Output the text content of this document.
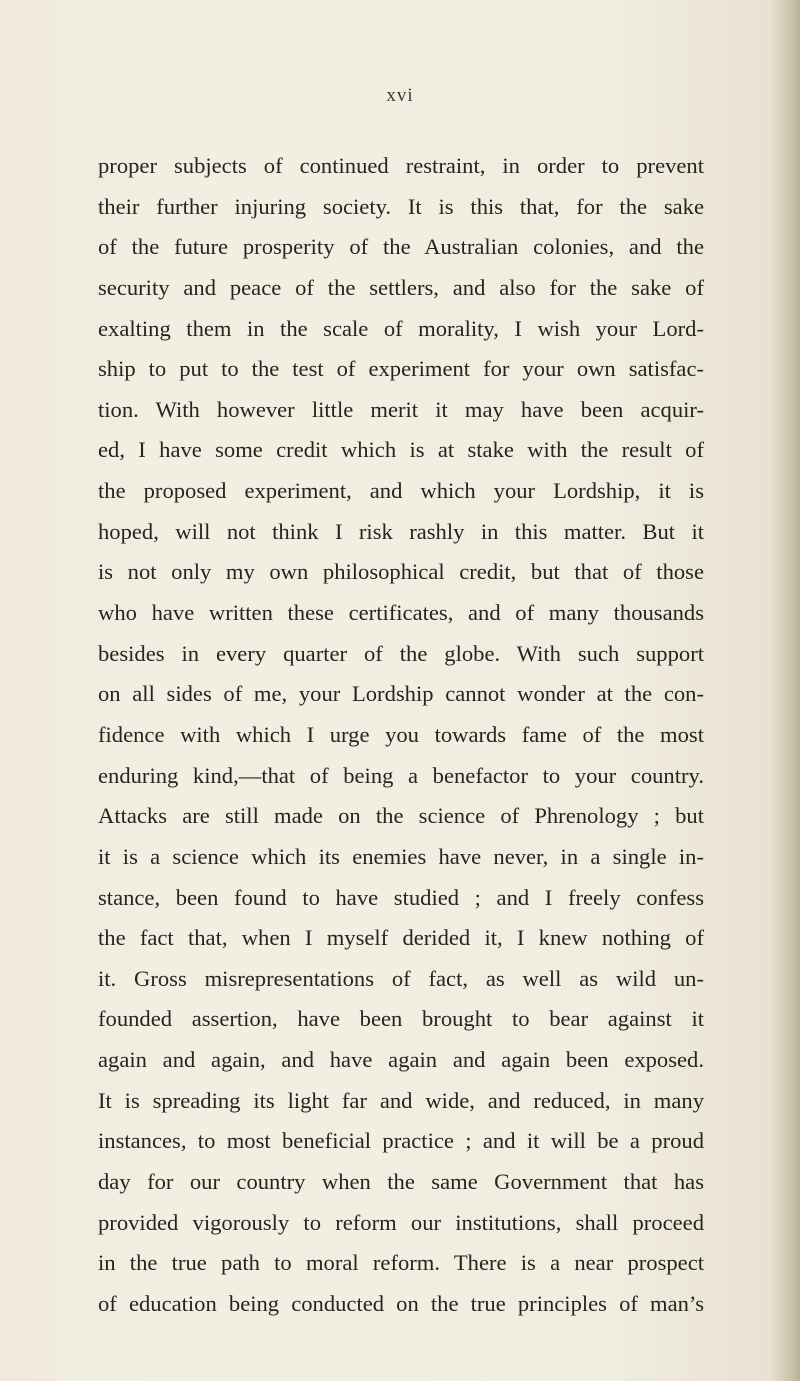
xvi
proper subjects of continued restraint, in order to prevent
their further injuring society. It is this that, for the sake
of the future prosperity of the Australian colonies, and the
security and peace of the settlers, and also for the sake of
exalting them in the scale of morality, I wish your Lord-
ship to put to the test of experiment for your own satisfac-
tion. With however little merit it may have been acquir-
ed, I have some credit which is at stake with the result of
the proposed experiment, and which your Lordship, it is
hoped, will not think I risk rashly in this matter. But it
is not only my own philosophical credit, but that of those
who have written these certificates, and of many thousands
besides in every quarter of the globe. With such support
on all sides of me, your Lordship cannot wonder at the con-
fidence with which I urge you towards fame of the most
enduring kind,—that of being a benefactor to your country.
Attacks are still made on the science of Phrenology ; but
it is a science which its enemies have never, in a single in-
stance, been found to have studied ; and I freely confess
the fact that, when I myself derided it, I knew nothing of
it. Gross misrepresentations of fact, as well as wild un-
founded assertion, have been brought to bear against it
again and again, and have again and again been exposed.
It is spreading its light far and wide, and reduced, in many
instances, to most beneficial practice ; and it will be a proud
day for our country when the same Government that has
provided vigorously to reform our institutions, shall proceed
in the true path to moral reform. There is a near prospect
of education being conducted on the true principles of man’s
